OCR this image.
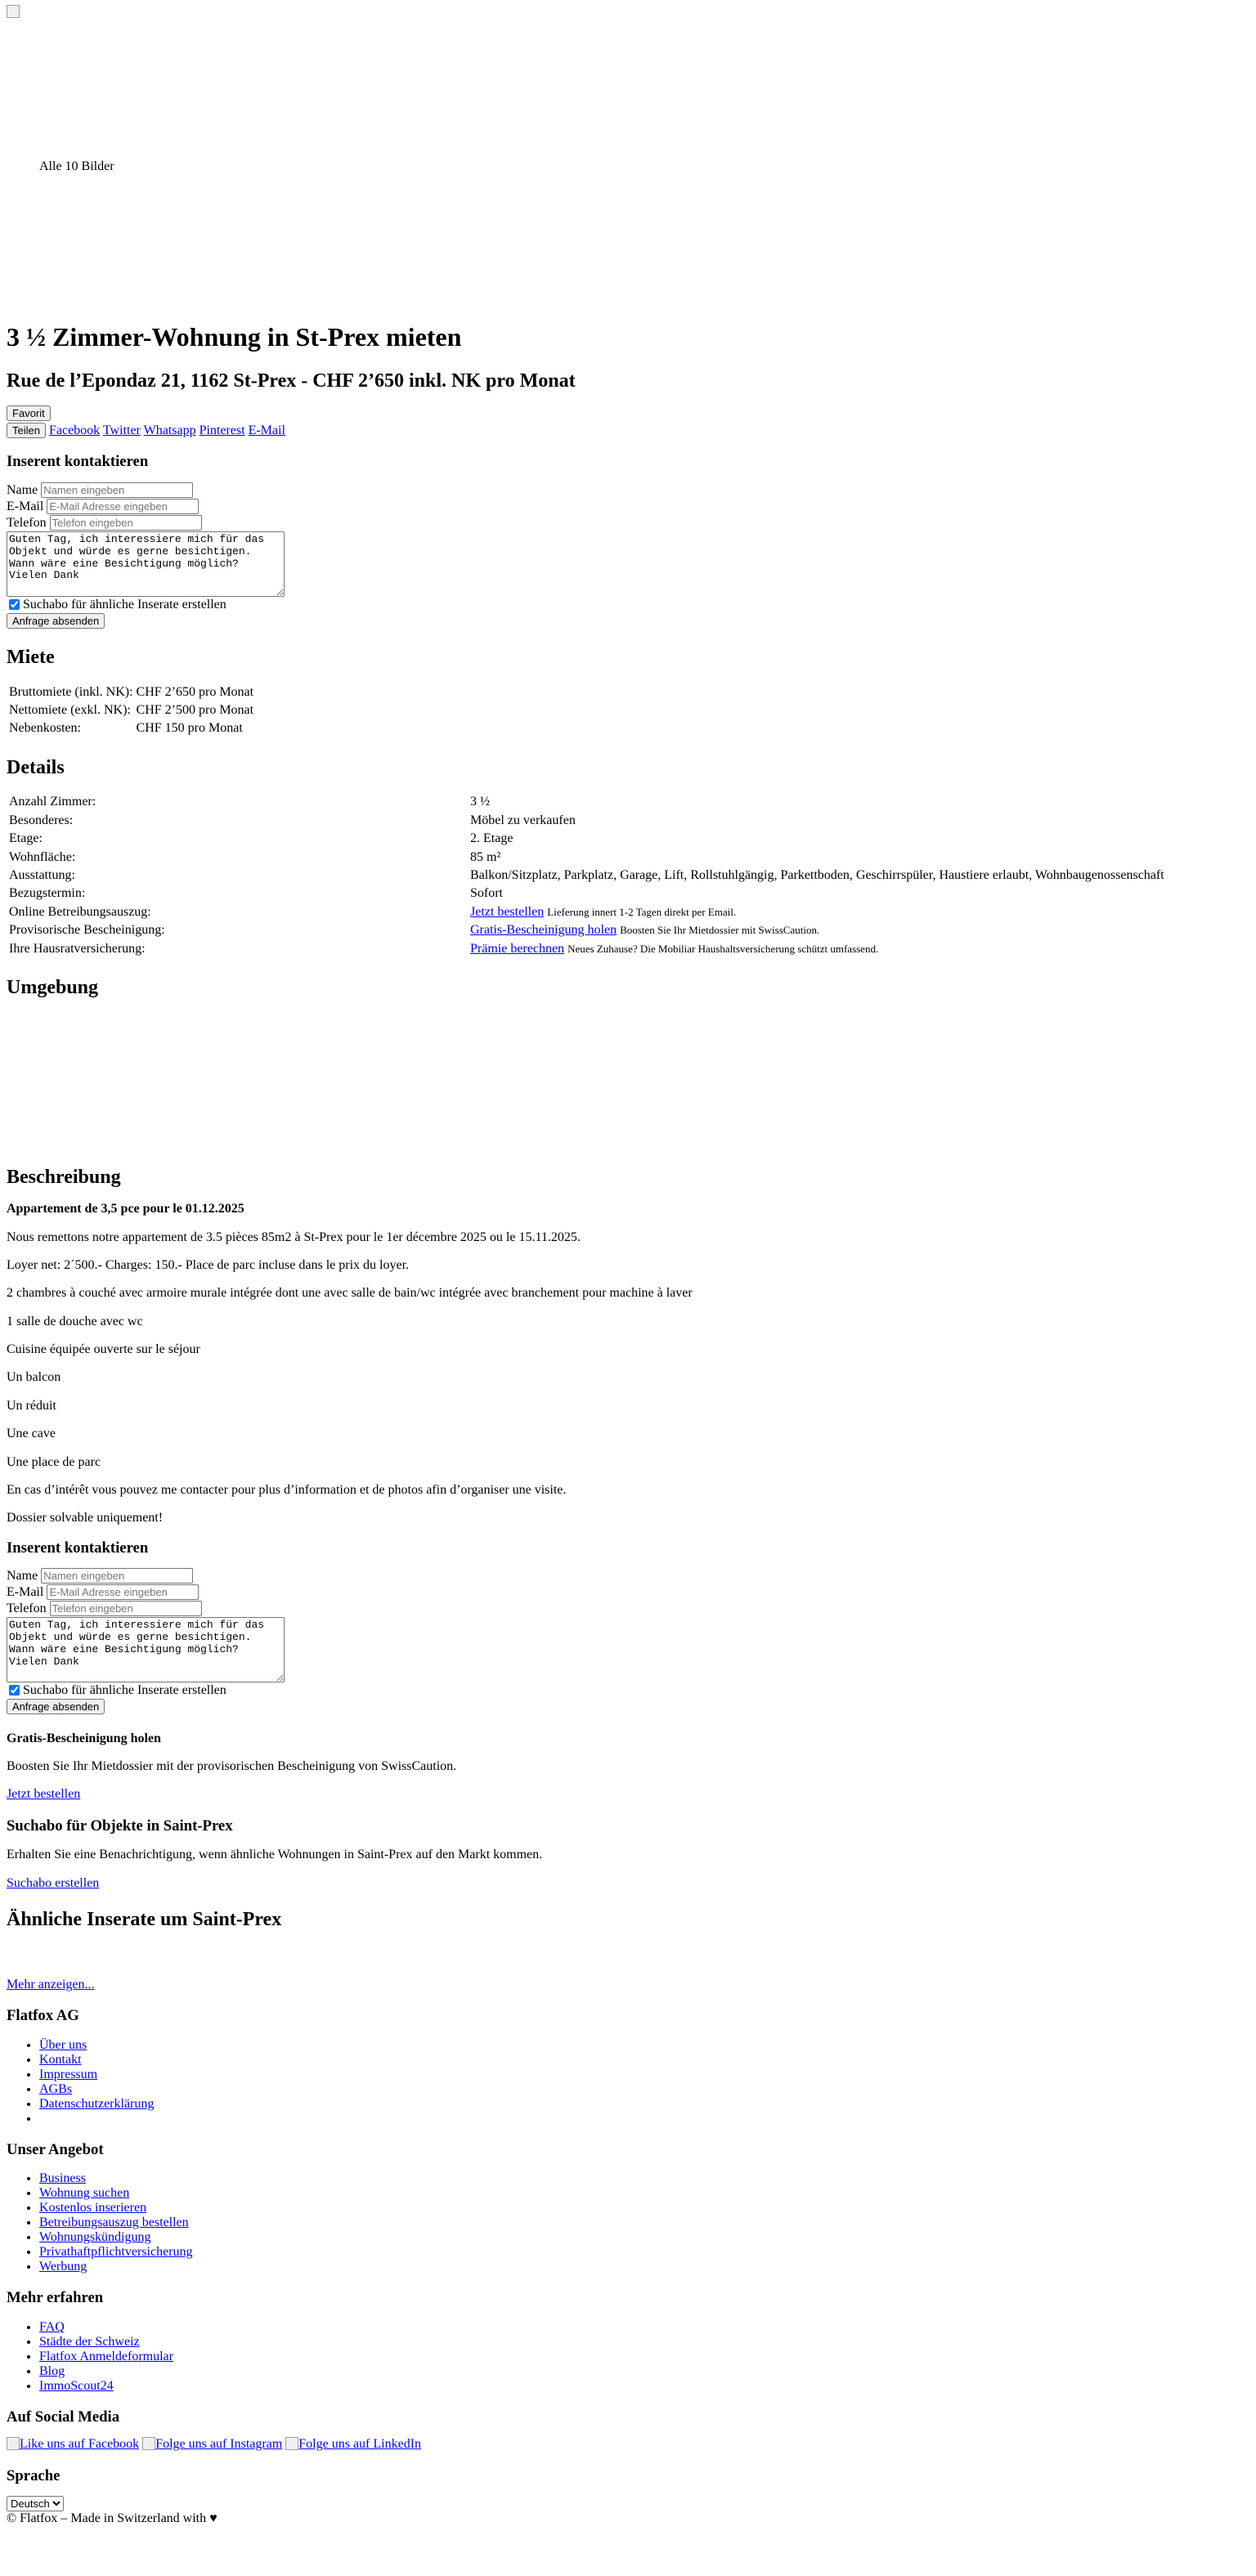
Alle 10 Bilder
3 ½ Zimmer-Wohnung in St-Prex mieten
Rue de l’Epondaz 21, 1162 St-Prex - CHF 2’650 inkl. NK pro Monat
Favorit
Teilen Facebook Twitter Whatsapp Pinterest E-Mail
Inserent kontaktieren
Name Namen eingeben
E-Mail E-Mail Adresse eingeben
Telefon Telefon eingeben
Guten Tag, ich interessiere mich für das Objekt und würde es gerne besichtigen. Wann wäre eine Besichtigung möglich? Vielen Dank
Suchabo für ähnliche Inserate erstellen
Anfrage absenden
Miete
Bruttomiete (inkl. NK):	CHF 2’650 pro Monat
Nettomiete (exkl. NK):	CHF 2’500 pro Monat
Nebenkosten:	CHF 150 pro Monat
Details
Anzahl Zimmer:	3 ½
Besonderes:	Möbel zu verkaufen
Etage:	2. Etage
Wohnfläche:	85 m²
Ausstattung:	Balkon/Sitzplatz, Parkplatz, Garage, Lift, Rollstuhlgängig, Parkettboden, Geschirrspüler, Haustiere erlaubt, Wohnbaugenossenschaft
Bezugstermin:	Sofort
Online Betreibungsauszug:	Jetzt bestellen Lieferung innert 1-2 Tagen direkt per Email.
Provisorische Bescheinigung:	Gratis-Bescheinigung holen Boosten Sie Ihr Mietdossier mit SwissCaution.
Ihre Hausratversicherung:	Prämie berechnen Neues Zuhause? Die Mobiliar Haushaltsversicherung schützt umfassend.
Umgebung
Beschreibung

Appartement de 3,5 pce pour le 01.12.2025

Nous remettons notre appartement de 3.5 pièces 85m2 à St-Prex pour le 1er décembre 2025 ou le 15.11.2025.

Loyer net: 2´500.- Charges: 150.- Place de parc incluse dans le prix du loyer.

2 chambres à couché avec armoire murale intégrée dont une avec salle de bain/wc intégrée avec branchement pour machine à laver

1 salle de douche avec wc

Cuisine équipée ouverte sur le séjour

Un balcon

Un réduit

Une cave

Une place de parc

En cas d’intérêt vous pouvez me contacter pour plus d’information et de photos afin d’organiser une visite.

Dossier solvable uniquement!

Inserent kontaktieren
Name Namen eingeben
E-Mail E-Mail Adresse eingeben
Telefon Telefon eingeben
Guten Tag, ich interessiere mich für das Objekt und würde es gerne besichtigen. Wann wäre eine Besichtigung möglich? Vielen Dank
Suchabo für ähnliche Inserate erstellen
Anfrage absenden
Gratis-Bescheinigung holen

Boosten Sie Ihr Mietdossier mit der provisorischen Bescheinigung von SwissCaution.

Jetzt bestellen

Suchabo für Objekte in Saint-Prex

Erhalten Sie eine Benachrichtigung, wenn ähnliche Wohnungen in Saint-Prex auf den Markt kommen.

Suchabo erstellen

Ähnliche Inserate um Saint-Prex
Mehr anzeigen...
Flatfox AG
• Über uns
• Kontakt
• Impressum
• AGBs
• Datenschutzerklärung
•
Unser Angebot
• Business
• Wohnung suchen
• Kostenlos inserieren
• Betreibungsauszug bestellen
• Wohnungskündigung
• Privathaftpflichtversicherung
• Werbung
Mehr erfahren
• FAQ
• Städte der Schweiz
• Flatfox Anmeldeformular
• Blog
• ImmoScout24
Auf Social Media
Like uns auf Facebook Folge uns auf Instagram Folge uns auf LinkedIn
Sprache
Deutsch
© Flatfox – Made in Switzerland with ♥
